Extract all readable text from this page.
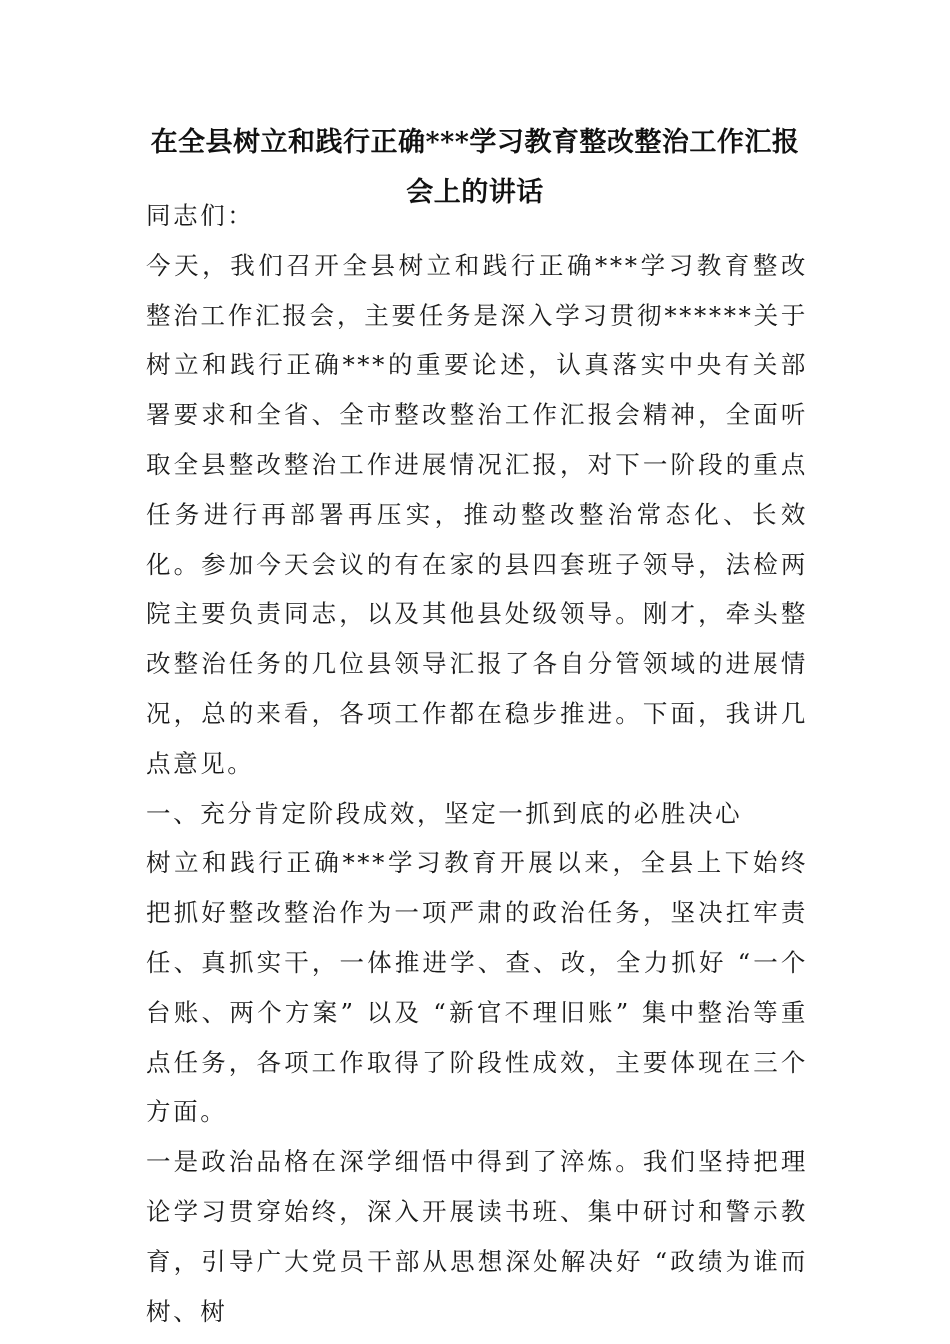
在全县树立和践行正确***学习教育整改整治工作汇报会上的讲话

同志们：

今天，我们召开全县树立和践行正确***学习教育整改整治工作汇报会，主要任务是深入学习贯彻******关于树立和践行正确***的重要论述，认真落实中央有关部署要求和全省、全市整改整治工作汇报会精神，全面听取全县整改整治工作进展情况汇报，对下一阶段的重点任务进行再部署再压实，推动整改整治常态化、长效化。参加今天会议的有在家的县四套班子领导，法检两院主要负责同志，以及其他县处级领导。刚才，牵头整改整治任务的几位县领导汇报了各自分管领域的进展情况，总的来看，各项工作都在稳步推进。下面，我讲几点意见。

一、充分肯定阶段成效，坚定一抓到底的必胜决心

树立和践行正确***学习教育开展以来，全县上下始终把抓好整改整治作为一项严肃的政治任务，坚决扛牢责任、真抓实干，一体推进学、查、改，全力抓好 “一个台账、两个方案” 以及 “新官不理旧账” 集中整治等重点任务，各项工作取得了阶段性成效，主要体现在三个方面。

一是政治品格在深学细悟中得到了淬炼。我们坚持把理论学习贯穿始终，深入开展读书班、集中研讨和警示教育，引导广大党员干部从思想深处解决好 “政绩为谁而树、树
